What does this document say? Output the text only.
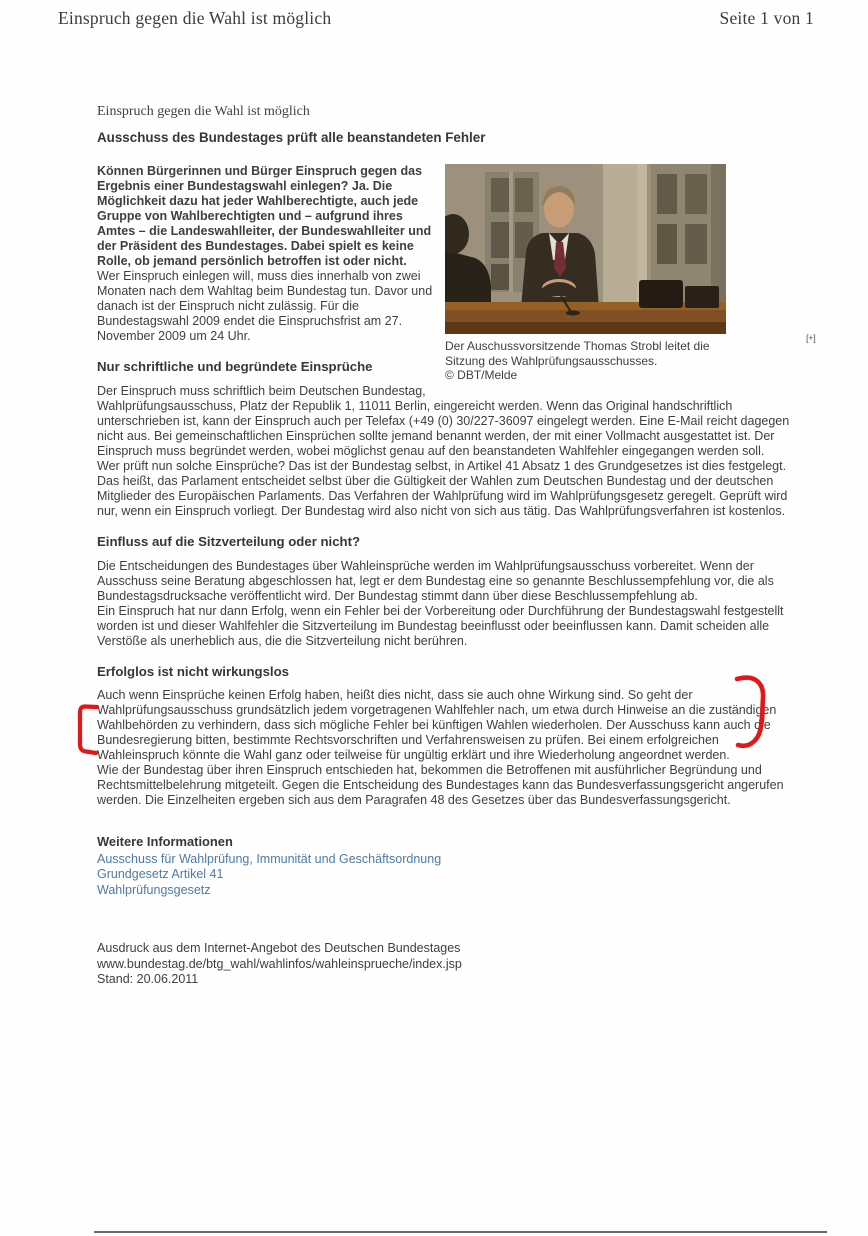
Einspruch gegen die Wahl ist möglich	Seite 1 von 1
Einspruch gegen die Wahl ist möglich
Ausschuss des Bundestages prüft alle beanstandeten Fehler
Der Auschussvorsitzende Thomas Strobl leitet die Sitzung des Wahlprüfungsausschusses.
© DBT/Melde

Können Bürgerinnen und Bürger Einspruch gegen das Ergebnis einer Bundestagswahl einlegen? Ja. Die Möglichkeit dazu hat jeder Wahlberechtigte, auch jede Gruppe von Wahlberechtigten und – aufgrund ihres Amtes – die Landeswahlleiter, der Bundeswahlleiter und der Präsident des Bundestages. Dabei spielt es keine Rolle, ob jemand persönlich betroffen ist oder nicht.

Wer Einspruch einlegen will, muss dies innerhalb von zwei Monaten nach dem Wahltag beim Bundestag tun. Davor und danach ist der Einspruch nicht zulässig. Für die Bundestagswahl 2009 endet die Einspruchsfrist am 27. November 2009 um 24 Uhr.

Nur schriftliche und begründete Einsprüche

Der Einspruch muss schriftlich beim Deutschen Bundestag, Wahlprüfungsausschuss, Platz der Republik 1, 11011 Berlin, eingereicht werden. Wenn das Original handschriftlich unterschrieben ist, kann der Einspruch auch per Telefax (+49 (0) 30/227-36097 eingelegt werden. Eine E-Mail reicht dagegen nicht aus. Bei gemeinschaftlichen Einsprüchen sollte jemand benannt werden, der mit einer Vollmacht ausgestattet ist. Der Einspruch muss begründet werden, wobei möglichst genau auf den beanstandeten Wahlfehler eingegangen werden soll.

Wer prüft nun solche Einsprüche? Das ist der Bundestag selbst, in Artikel 41 Absatz 1 des Grundgesetzes ist dies festgelegt. Das heißt, das Parlament entscheidet selbst über die Gültigkeit der Wahlen zum Deutschen Bundestag und der deutschen Mitglieder des Europäischen Parlaments. Das Verfahren der Wahlprüfung wird im Wahlprüfungsgesetz geregelt. Geprüft wird nur, wenn ein Einspruch vorliegt. Der Bundestag wird also nicht von sich aus tätig. Das Wahlprüfungsverfahren ist kostenlos.

Einfluss auf die Sitzverteilung oder nicht?

Die Entscheidungen des Bundestages über Wahleinsprüche werden im Wahlprüfungsausschuss vorbereitet. Wenn der Ausschuss seine Beratung abgeschlossen hat, legt er dem Bundestag eine so genannte Beschlussempfehlung vor, die als Bundestagsdrucksache veröffentlicht wird. Der Bundestag stimmt dann über diese Beschlussempfehlung ab.

Ein Einspruch hat nur dann Erfolg, wenn ein Fehler bei der Vorbereitung oder Durchführung der Bundestagswahl festgestellt worden ist und dieser Wahlfehler die Sitzverteilung im Bundestag beeinflusst oder beeinflussen kann. Damit scheiden alle Verstöße als unerheblich aus, die die Sitzverteilung nicht berühren.

Erfolglos ist nicht wirkungslos

Auch wenn Einsprüche keinen Erfolg haben, heißt dies nicht, dass sie auch ohne Wirkung sind. So geht der Wahlprüfungsausschuss grundsätzlich jedem vorgetragenen Wahlfehler nach, um etwa durch Hinweise an die zuständigen Wahlbehörden zu verhindern, dass sich mögliche Fehler bei künftigen Wahlen wiederholen. Der Ausschuss kann auch die Bundesregierung bitten, bestimmte Rechtsvorschriften und Verfahrensweisen zu prüfen. Bei einem erfolgreichen Wahleinspruch könnte die Wahl ganz oder teilweise für ungültig erklärt und ihre Wiederholung angeordnet werden.

Wie der Bundestag über ihren Einspruch entschieden hat, bekommen die Betroffenen mit ausführlicher Begründung und Rechtsmittelbelehrung mitgeteilt. Gegen die Entscheidung des Bundestages kann das Bundesverfassungsgericht angerufen werden. Die Einzelheiten ergeben sich aus dem Paragrafen 48 des Gesetzes über das Bundesverfassungsgericht.

Weitere Informationen
Ausschuss für Wahlprüfung, Immunität und Geschäftsordnung
Grundgesetz Artikel 41
Wahlprüfungsgesetz
[+]
Ausdruck aus dem Internet-Angebot des Deutschen Bundestages
www.bundestag.de/btg_wahl/wahlinfos/wahleinsprueche/index.jsp
Stand: 20.06.2011
